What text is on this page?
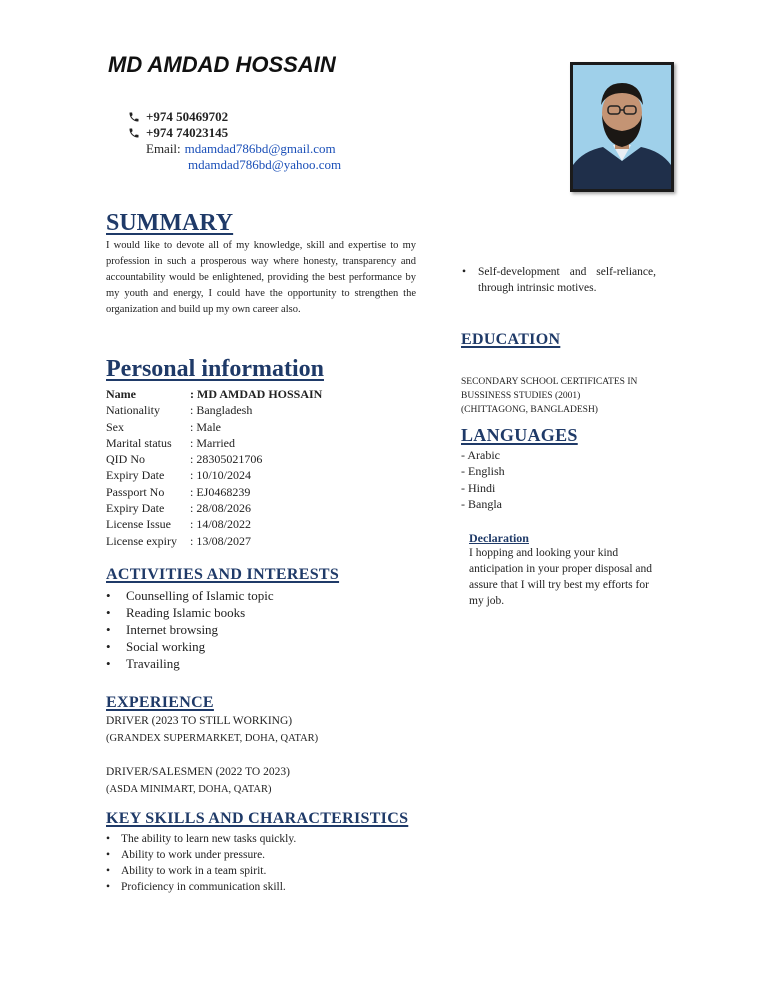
MD AMDAD HOSSAIN
+974 50469702
+974 74023145
Email: mdamdad786bd@gmail.com
mdamdad786bd@yahoo.com
SUMMARY

I would like to devote all of my knowledge, skill and expertise to my profession in such a prosperous way where honesty, transparency and accountability would be enlightened, providing the best performance by my youth and energy, I could have the opportunity to strengthen the organization and build up my own career also.

Personal information
Name	: MD AMDAD HOSSAIN
Nationality	: Bangladesh
Sex	: Male
Marital status	: Married
QID No	: 28305021706
Expiry Date	: 10/10/2024
Passport No	: EJ0468239
Expiry Date	: 28/08/2026
License Issue	: 14/08/2022
License expiry	: 13/08/2027
ACTIVITIES AND INTERESTS
•	Counselling of Islamic topic
•	Reading Islamic books
•	Internet browsing
•	Social working
•	Travailing
EXPERIENCE
DRIVER (2023 TO STILL WORKING)
(GRANDEX SUPERMARKET, DOHA, QATAR)
DRIVER/SALESMEN (2022 TO 2023)
(ASDA MINIMART, DOHA, QATAR)
KEY SKILLS AND CHARACTERISTICS
• The ability to learn new tasks quickly.
• Ability to work under pressure.
• Ability to work in a team spirit.
• Proficiency in communication skill.
•	Self-development and self-reliance, through intrinsic motives.
EDUCATION
SECONDARY SCHOOL CERTIFICATES IN
BUSSINESS STUDIES (2001)
(CHITTAGONG, BANGLADESH)
LANGUAGES
- Arabic
- English
- Hindi
- Bangla

Declaration

I hopping and looking your kind anticipation in your proper disposal and assure that I will try best my efforts for my job.
